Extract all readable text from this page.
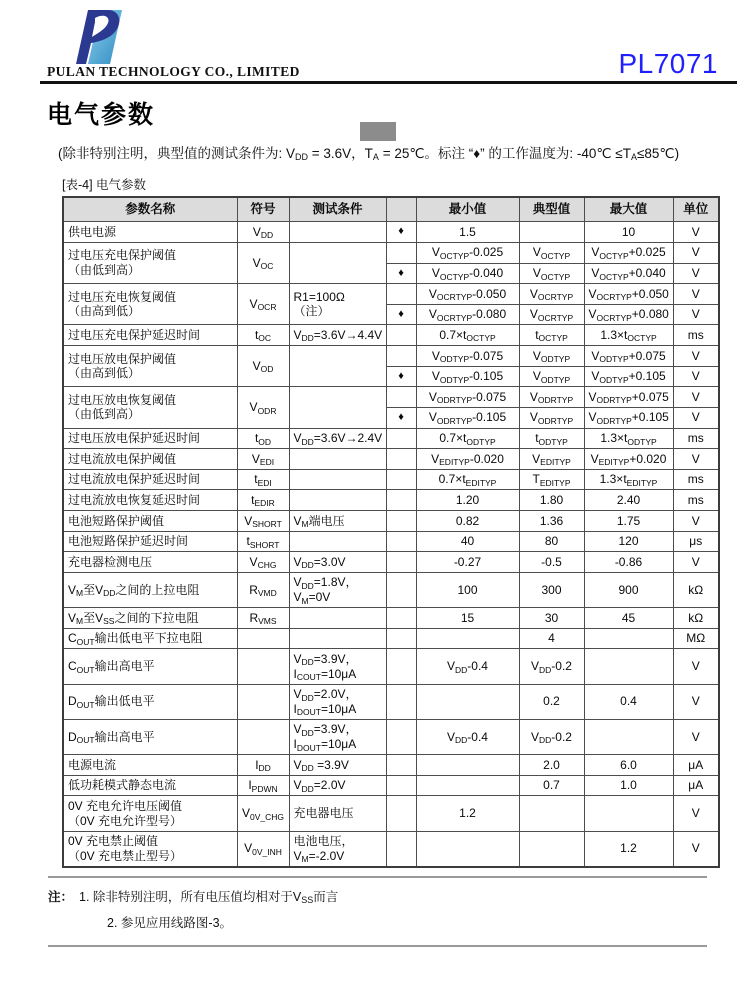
PULAN TECHNOLOGY CO., LIMITED	PL7071
电气参数

(除非特别注明，典型值的测试条件为: $V_{DD} = 3.6V$，$T_A$ = 25℃。标注 “♦” 的工作温度为: -40℃ $\le T_A\le 85℃$)

[表-4] 电气参数
参数名称	符号	测试条件		最小值	典型值	最大值	单位
供电电源	$V_{DD}$		♦	1.5		10	V
过电压充电保护阈值
（由低到高）	$V_{OC}$			$V_{OCTYP}-0.025$	$V_{OCTYP}$	$V_{OCTYP}+0.025$	V
			♦	$V_{OCTYP}-0.040$	$V_{OCTYP}$	$V_{OCTYP}+0.040$	V
过电压充电恢复阈值
（由高到低）	$V_{OCR}$	R1=100Ω
（注）		$V_{OCRTYP}-0.050$	$V_{OCRTYP}$	$V_{OCRTYP}+0.050$	V
			♦	$V_{OCRTYP}-0.080$	$V_{OCRTYP}$	$V_{OCRTYP}+0.080$	V
过电压充电保护延迟时间	$t_{OC}$	$V_{DD}=3.6V\to 4.4V$		$0.7\times t_{OCTYP}$	$t_{OCTYP}$	$1.3\times t_{OCTYP}$	ms
过电压放电保护阈值
（由高到低）	$V_{OD}$			$V_{ODTYP}-0.075$	$V_{ODTYP}$	$V_{ODTYP}+0.075$	V
			♦	$V_{ODTYP}-0.105$	$V_{ODTYP}$	$V_{ODTYP}+0.105$	V
过电压放电恢复阈值
（由低到高）	$V_{ODR}$			$V_{ODRTYP}-0.075$	$V_{ODRTYP}$	$V_{ODRTYP}+0.075$	V
			♦	$V_{ODRTYP}-0.105$	$V_{ODRTYP}$	$V_{ODRTYP}+0.105$	V
过电压放电保护延迟时间	$t_{OD}$	$V_{DD}=3.6V\to 2.4V$		$0.7\times t_{ODTYP}$	$t_{ODTYP}$	$1.3\times t_{ODTYP}$	ms
过电流放电保护阈值	$V_{EDI}$			$V_{EDITYP}-0.020$	$V_{EDITYP}$	$V_{EDITYP}+0.020$	V
过电流放电保护延迟时间	$t_{EDI}$			$0.7\times t_{EDITYP}$	$T_{EDITYP}$	$1.3\times t_{EDITYP}$	ms
过电流放电恢复延迟时间	$t_{EDIR}$			1.20	1.80	2.40	ms
电池短路保护阈值	$V_{SHORT}$	$V_M$端电压		0.82	1.36	1.75	V
电池短路保护延迟时间	$t_{SHORT}$			40	80	120	μs
充电器检测电压	$V_{CHG}$	$V_{DD}=3.0V$		-0.27	-0.5	-0.86	V
$V_M$至$V_{DD}$之间的上拉电阻	$R_{VMD}$	$V_{DD}=1.8V$，
$V_M=0V$		100	300	900	kΩ
$V_M$至$V_{SS}$之间的下拉电阻	$R_{VMS}$			15	30	45	kΩ
$C_{OUT}$输出低电平下拉电阻					4		MΩ
$C_{OUT}$输出高电平		$V_{DD}=3.9V$，
$I_{COUT}=10\mu A$		$V_{DD}-0.4$	$V_{DD}-0.2$		V
$D_{OUT}$输出低电平		$V_{DD}=2.0V$，
$I_{DOUT}=10\mu A$			0.2	0.4	V
$D_{OUT}$输出高电平		$V_{DD}=3.9V$，
$I_{DOUT}=10\mu A$		$V_{DD}-0.4$	$V_{DD}-0.2$		V
电源电流	$I_{DD}$	$V_{DD} =3.9V$			2.0	6.0	μA
低功耗模式静态电流	$I_{PDWN}$	$V_{DD}=2.0V$			0.7	1.0	μA
0V 充电允许电压阈值
（0V 充电允许型号）	$V_{0V\_CHG}$	充电器电压		1.2			V
0V 充电禁止阈值
（0V 充电禁止型号）	$V_{0V\_INH}$	电池电压，
$V_M=-2.0V$				1.2	V
注： 1. 除非特别注明，所有电压值均相对于$V_{SS}$而言
2. 参见应用线路图-3。
